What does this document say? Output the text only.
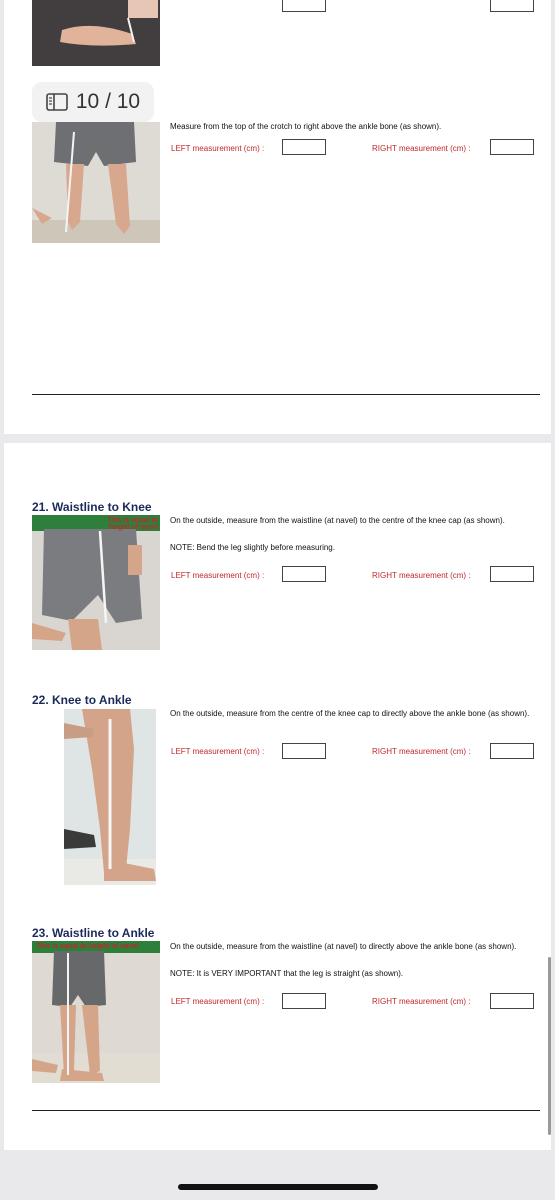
10 / 10
Measure from the top of the crotch to right above the ankle bone (as shown).
LEFT measurement (cm) :	RIGHT measurement (cm) :
21. Waistline to Knee
This is equal to height of navel
On the outside, measure from the waistline (at navel) to the centre of the knee cap (as shown).
NOTE: Bend the leg slightly before measuring.
LEFT measurement (cm) :	RIGHT measurement (cm) :
22. Knee to Ankle
On the outside, measure from the centre of the knee cap to directly above the ankle bone (as shown).
LEFT measurement (cm) :	RIGHT measurement (cm) :
23. Waistline to Ankle
This is equal to height of navel	On the outside, measure from the waistline (at navel) to directly above the ankle bone (as shown).
NOTE: It is VERY IMPORTANT that the leg is straight (as shown).
LEFT measurement (cm) :	RIGHT measurement (cm) :
